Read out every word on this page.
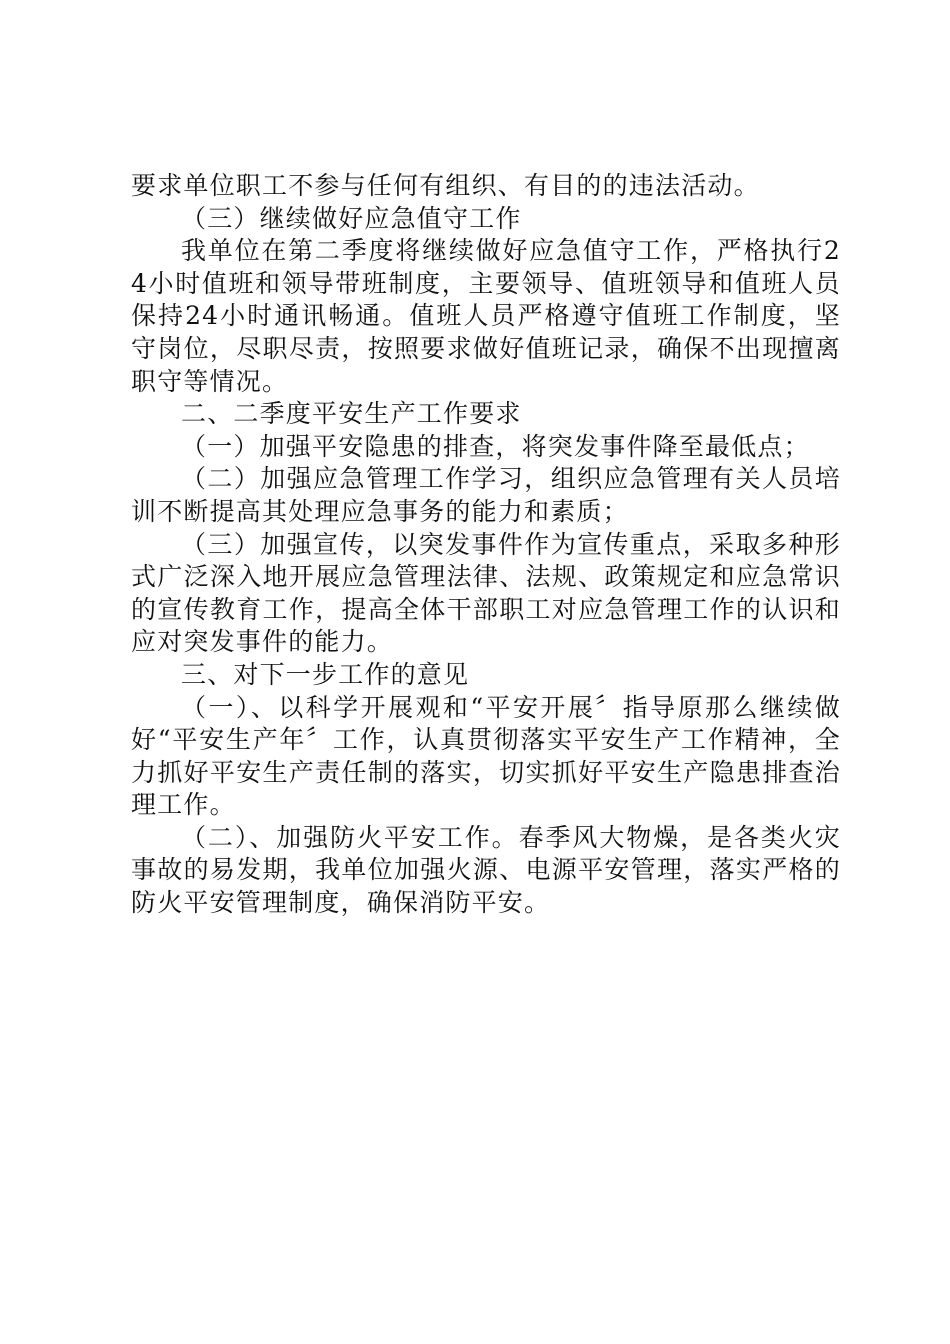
要求单位职工不参与任何有组织、有目的的违法活动。

（三）继续做好应急值守工作

我单位在第二季度将继续做好应急值守工作，严格执行24小时值班和领导带班制度，主要领导、值班领导和值班人员保持24小时通讯畅通。值班人员严格遵守值班工作制度，坚守岗位，尽职尽责，按照要求做好值班记录，确保不出现擅离职守等情况。

二、二季度平安生产工作要求

（一）加强平安隐患的排查，将突发事件降至最低点；

（二）加强应急管理工作学习，组织应急管理有关人员培训不断提高其处理应急事务的能力和素质；

（三）加强宣传，以突发事件作为宣传重点，采取多种形式广泛深入地开展应急管理法律、法规、政策规定和应急常识的宣传教育工作，提高全体干部职工对应急管理工作的认识和应对突发事件的能力。

三、对下一步工作的意见

（一）、以科学开展观和“平安开展〞指导原那么继续做好“平安生产年〞工作，认真贯彻落实平安生产工作精神，全力抓好平安生产责任制的落实，切实抓好平安生产隐患排查治理工作。

（二）、加强防火平安工作。春季风大物燥，是各类火灾事故的易发期，我单位加强火源、电源平安管理，落实严格的防火平安管理制度，确保消防平安。
